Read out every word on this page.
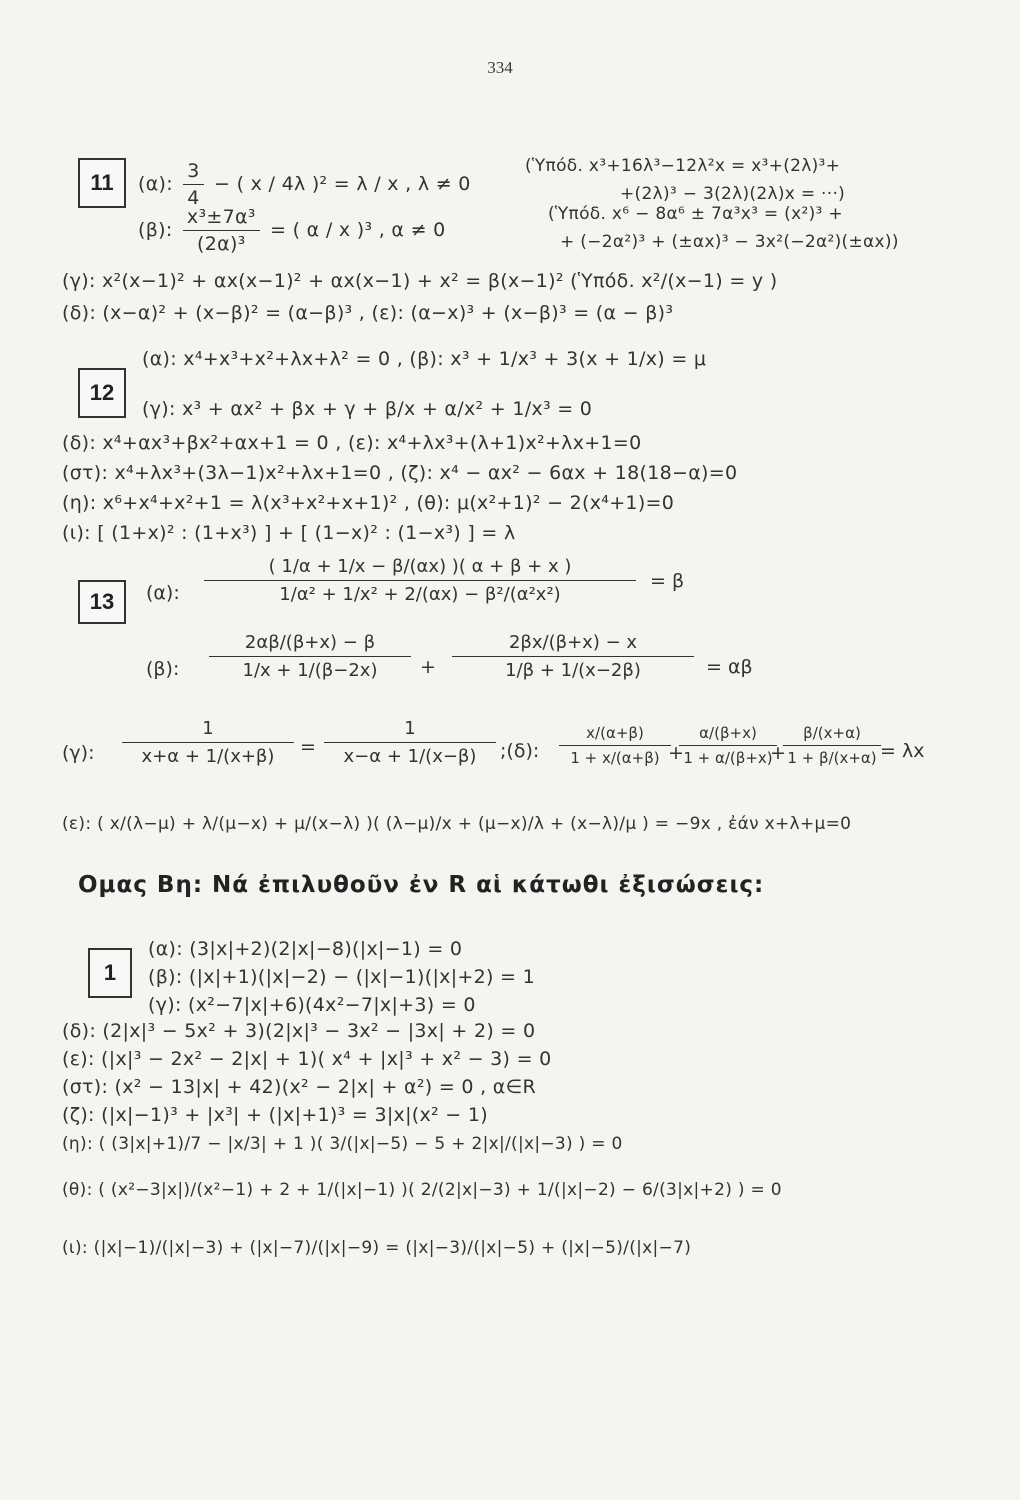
334
11	(α): $\frac{3}{4}$ − ( x / 4λ )² = λ / x , λ ≠ 0
(Ὑπόδ. x³+16λ³−12λ²x = x³+(2λ)³+
+(2λ)³ − 3(2λ)(2λ)x = ···)
(β): $\frac{\text{x³±7α³}}{\text{(2α)³}}$ = ( α / x )³ , α ≠ 0
(Ὑπόδ. x⁶ − 8α⁶ ± 7α³x³ = (x²)³ +
+ (−2α²)³ + (±αx)³ − 3x²(−2α²)(±αx))
(γ): x²(x−1)² + αx(x−1)² + αx(x−1) + x² = β(x−1)² (Ὑπόδ. x²/(x−1) = y )
(δ): (x−α)² + (x−β)² = (α−β)³ , (ε): (α−x)³ + (x−β)³ = (α − β)³
12
(α): x⁴+x³+x²+λx+λ² = 0 , (β): x³ + 1/x³ + 3(x + 1/x) = μ
(γ): x³ + αx² + βx + γ + β/x + α/x² + 1/x³ = 0
(δ): x⁴+αx³+βx²+αx+1 = 0 , (ε): x⁴+λx³+(λ+1)x²+λx+1=0
(στ): x⁴+λx³+(3λ−1)x²+λx+1=0 , (ζ): x⁴ − αx² − 6αx + 18(18−α)=0
(η): x⁶+x⁴+x²+1 = λ(x³+x²+x+1)² , (θ): μ(x²+1)² − 2(x⁴+1)=0
(ι): [ (1+x)² : (1+x³) ] + [ (1−x)² : (1−x³) ] = λ
13	(α): $\frac{( 1/\alpha + 1/x - \beta/(\alpha x) )( \alpha + \beta + x )}{\text{1/α² + 1/x² + 2/(αx) − β²/(α²x²)}} = \beta$
(β): $\frac{2\alpha\beta/(\beta+x) - \beta}{1/x + 1/(\beta-2x)} + \frac{2\beta x/(\beta+x) - x}{1/\beta + 1/(x-2\beta)} = \alpha\beta$
(γ): $\frac{1}{x+\alpha + 1/(x+\beta)} = \frac{1}{x-\alpha + 1/(x-\beta)}$ ;(δ): $\frac{x/(\alpha+\beta)}{1 + x/(\alpha+\beta)}$
+
$\frac{\alpha/(\beta+x)}{1 + \alpha/(\beta+x)}$
+
$\frac{\beta/(x+\alpha)}{1 + \beta/(x+\alpha)} = \lambda x$
(ε): ( x/(λ−μ) + λ/(μ−x) + μ/(x−λ) )( (λ−μ)/x + (μ−x)/λ + (x−λ)/μ ) = −9x , ἐάν x+λ+μ=0
Ομας Βη: Νά ἐπιλυθοῦν ἐν R αἱ κάτωθι ἐξισώσεις:
1
(α): (3|x|+2)(2|x|−8)(|x|−1) = 0
(β): (|x|+1)(|x|−2) − (|x|−1)(|x|+2) = 1
(γ): (x²−7|x|+6)(4x²−7|x|+3) = 0
(δ): (2|x|³ − 5x² + 3)(2|x|³ − 3x² − |3x| + 2) = 0
(ε): (|x|³ − 2x² − 2|x| + 1)( x⁴ + |x|³ + x² − 3) = 0
(στ): (x² − 13|x| + 42)(x² − 2|x| + α²) = 0 , α∈R
(ζ): (|x|−1)³ + |x³| + (|x|+1)³ = 3|x|(x² − 1)
(η): ( (3|x|+1)/7 − |x/3| + 1 )( 3/(|x|−5) − 5 + 2|x|/(|x|−3) ) = 0
(θ): ( (x²−3|x|)/(x²−1) + 2 + 1/(|x|−1) )( 2/(2|x|−3) + 1/(|x|−2) − 6/(3|x|+2) ) = 0
(ι): (|x|−1)/(|x|−3) + (|x|−7)/(|x|−9) = (|x|−3)/(|x|−5) + (|x|−5)/(|x|−7)
